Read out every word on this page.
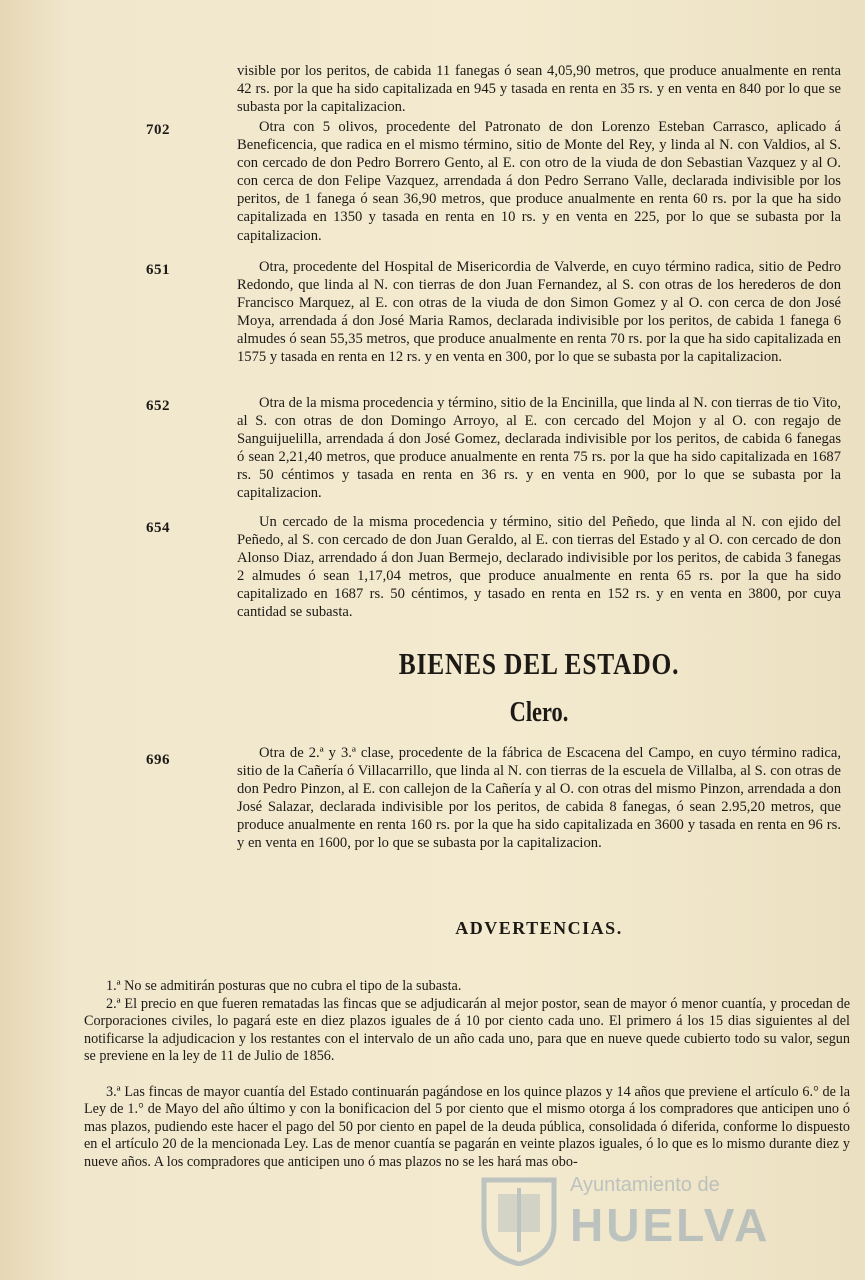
visible por los peritos, de cabida 11 fanegas ó sean 4,05,90 metros, que produce anualmente en renta 42 rs. por la que ha sido capitalizada en 945 y tasada en renta en 35 rs. y en venta en 840 por lo que se subasta por la capitalizacion.
702	Otra con 5 olivos, procedente del Patronato de don Lorenzo Esteban Carrasco, aplicado á Beneficencia, que radica en el mismo término, sitio de Monte del Rey, y linda al N. con Valdios, al S. con cercado de don Pedro Borrero Gento, al E. con otro de la viuda de don Sebastian Vazquez y al O. con cerca de don Felipe Vazquez, arrendada á don Pedro Serrano Valle, declarada indivisible por los peritos, de 1 fanega ó sean 36,90 metros, que produce anualmente en renta 60 rs. por la que ha sido capitalizada en 1350 y tasada en renta en 10 rs. y en venta en 225, por lo que se subasta por la capitalizacion.
651	Otra, procedente del Hospital de Misericordia de Valverde, en cuyo término radica, sitio de Pedro Redondo, que linda al N. con tierras de don Juan Fernandez, al S. con otras de los herederos de don Francisco Marquez, al E. con otras de la viuda de don Simon Gomez y al O. con cerca de don José Moya, arrendada á don José Maria Ramos, declarada indivisible por los peritos, de cabida 1 fanega 6 almudes ó sean 55,35 metros, que produce anualmente en renta 70 rs. por la que ha sido capitalizada en 1575 y tasada en renta en 12 rs. y en venta en 300, por lo que se subasta por la capitalizacion.
652	Otra de la misma procedencia y término, sitio de la Encinilla, que linda al N. con tierras de tio Vito, al S. con otras de don Domingo Arroyo, al E. con cercado del Mojon y al O. con regajo de Sanguijuelilla, arrendada á don José Gomez, declarada indivisible por los peritos, de cabida 6 fanegas ó sean 2,21,40 metros, que produce anualmente en renta 75 rs. por la que ha sido capitalizada en 1687 rs. 50 céntimos y tasada en renta en 36 rs. y en venta en 900, por lo que se subasta por la capitalizacion.
654	Un cercado de la misma procedencia y término, sitio del Peñedo, que linda al N. con ejido del Peñedo, al S. con cercado de don Juan Geraldo, al E. con tierras del Estado y al O. con cercado de don Alonso Diaz, arrendado á don Juan Bermejo, declarado indivisible por los peritos, de cabida 3 fanegas 2 almudes ó sean 1,17,04 metros, que produce anualmente en renta 65 rs. por la que ha sido capitalizado en 1687 rs. 50 céntimos, y tasado en renta en 152 rs. y en venta en 3800, por cuya cantidad se subasta.
BIENES DEL ESTADO.
Clero.
696	Otra de 2.ª y 3.ª clase, procedente de la fábrica de Escacena del Campo, en cuyo término radica, sitio de la Cañería ó Villacarrillo, que linda al N. con tierras de la escuela de Villalba, al S. con otras de don Pedro Pinzon, al E. con callejon de la Cañería y al O. con otras del mismo Pinzon, arrendada a don José Salazar, declarada indivisible por los peritos, de cabida 8 fanegas, ó sean 2.95,20 metros, que produce anualmente en renta 160 rs. por la que ha sido capitalizada en 3600 y tasada en renta en 96 rs. y en venta en 1600, por lo que se subasta por la capitalizacion.
ADVERTENCIAS.
1.ª No se admitirán posturas que no cubra el tipo de la subasta.
2.ª El precio en que fueren rematadas las fincas que se adjudicarán al mejor postor, sean de mayor ó menor cuantía, y procedan de Corporaciones civiles, lo pagará este en diez plazos iguales de á 10 por ciento cada uno. El primero á los 15 dias siguientes al del notificarse la adjudicacion y los restantes con el intervalo de un año cada uno, para que en nueve quede cubierto todo su valor, segun se previene en la ley de 11 de Julio de 1856.
3.ª Las fincas de mayor cuantía del Estado continuarán pagándose en los quince plazos y 14 años que previene el artículo 6.° de la Ley de 1.° de Mayo del año último y con la bonificacion del 5 por ciento que el mismo otorga á los compradores que anticipen uno ó mas plazos, pudiendo este hacer el pago del 50 por ciento en papel de la deuda pública, consolidada ó diferida, conforme lo dispuesto en el artículo 20 de la mencionada Ley. Las de menor cuantía se pagarán en veinte plazos iguales, ó lo que es lo mismo durante diez y nueve años. A los compradores que anticipen uno ó mas plazos no se les hará mas obo-
Ayuntamiento de
HUELVA
